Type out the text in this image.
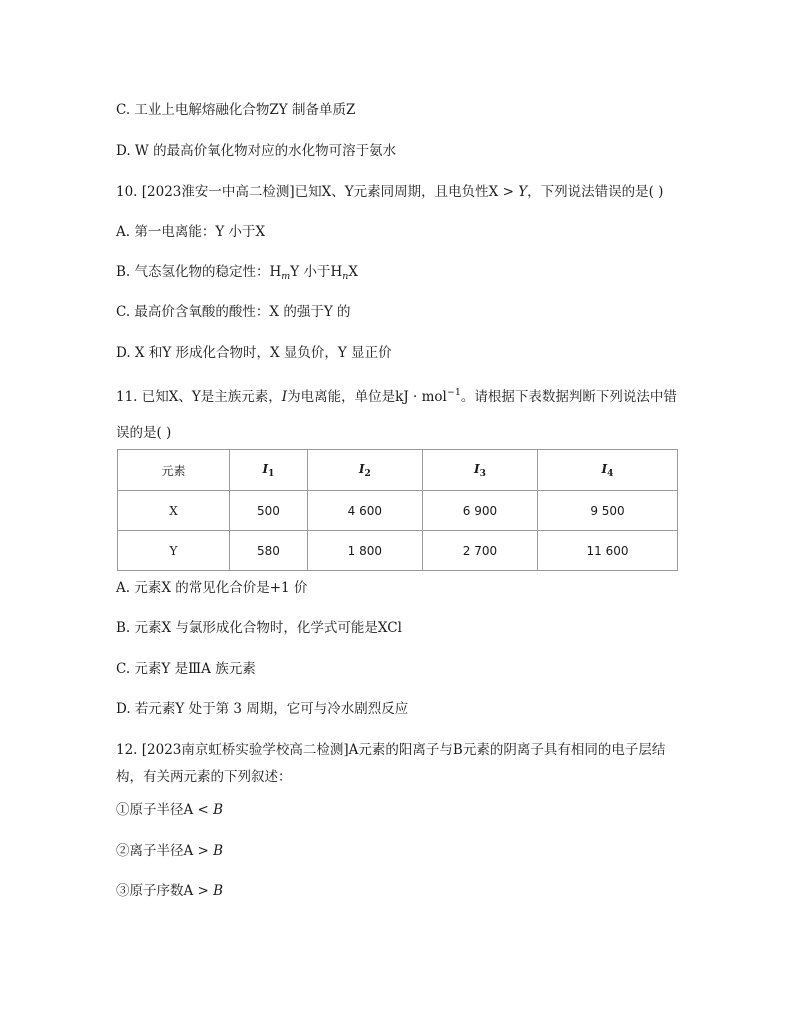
C. 工业上电解熔融化合物ZY 制备单质Z
D. W 的最高价氧化物对应的水化物可溶于氨水
10. [2023淮安一中高二检测]已知X、Y元素同周期，且电负性X > Y，下列说法错误的是( )
A. 第一电离能：Y 小于X
B. 气态氢化物的稳定性：$H_mY$ 小于$H_nX$
C. 最高价含氧酸的酸性：X 的强于Y 的
D. X 和Y 形成化合物时，X 显负价，Y 显正价
11. 已知X、Y是主族元素，I为电离能，单位是kJ · mol$^{-1}$。请根据下表数据判断下列说法中错
误的是( )
元素	$I_1$	$I_2$	$I_3$	$I_4$
X	500	4 600	6 900	9 500
Y	580	1 800	2 700	11 600
A. 元素X 的常见化合价是+1 价
B. 元素X 与氯形成化合物时，化学式可能是XCl
C. 元素Y 是ⅢA 族元素
D. 若元素Y 处于第 3 周期，它可与冷水剧烈反应
12. [2023南京虹桥实验学校高二检测]A元素的阳离子与B元素的阴离子具有相同的电子层结
构，有关两元素的下列叙述：
①原子半径A < B
②离子半径A > B
③原子序数A > B
